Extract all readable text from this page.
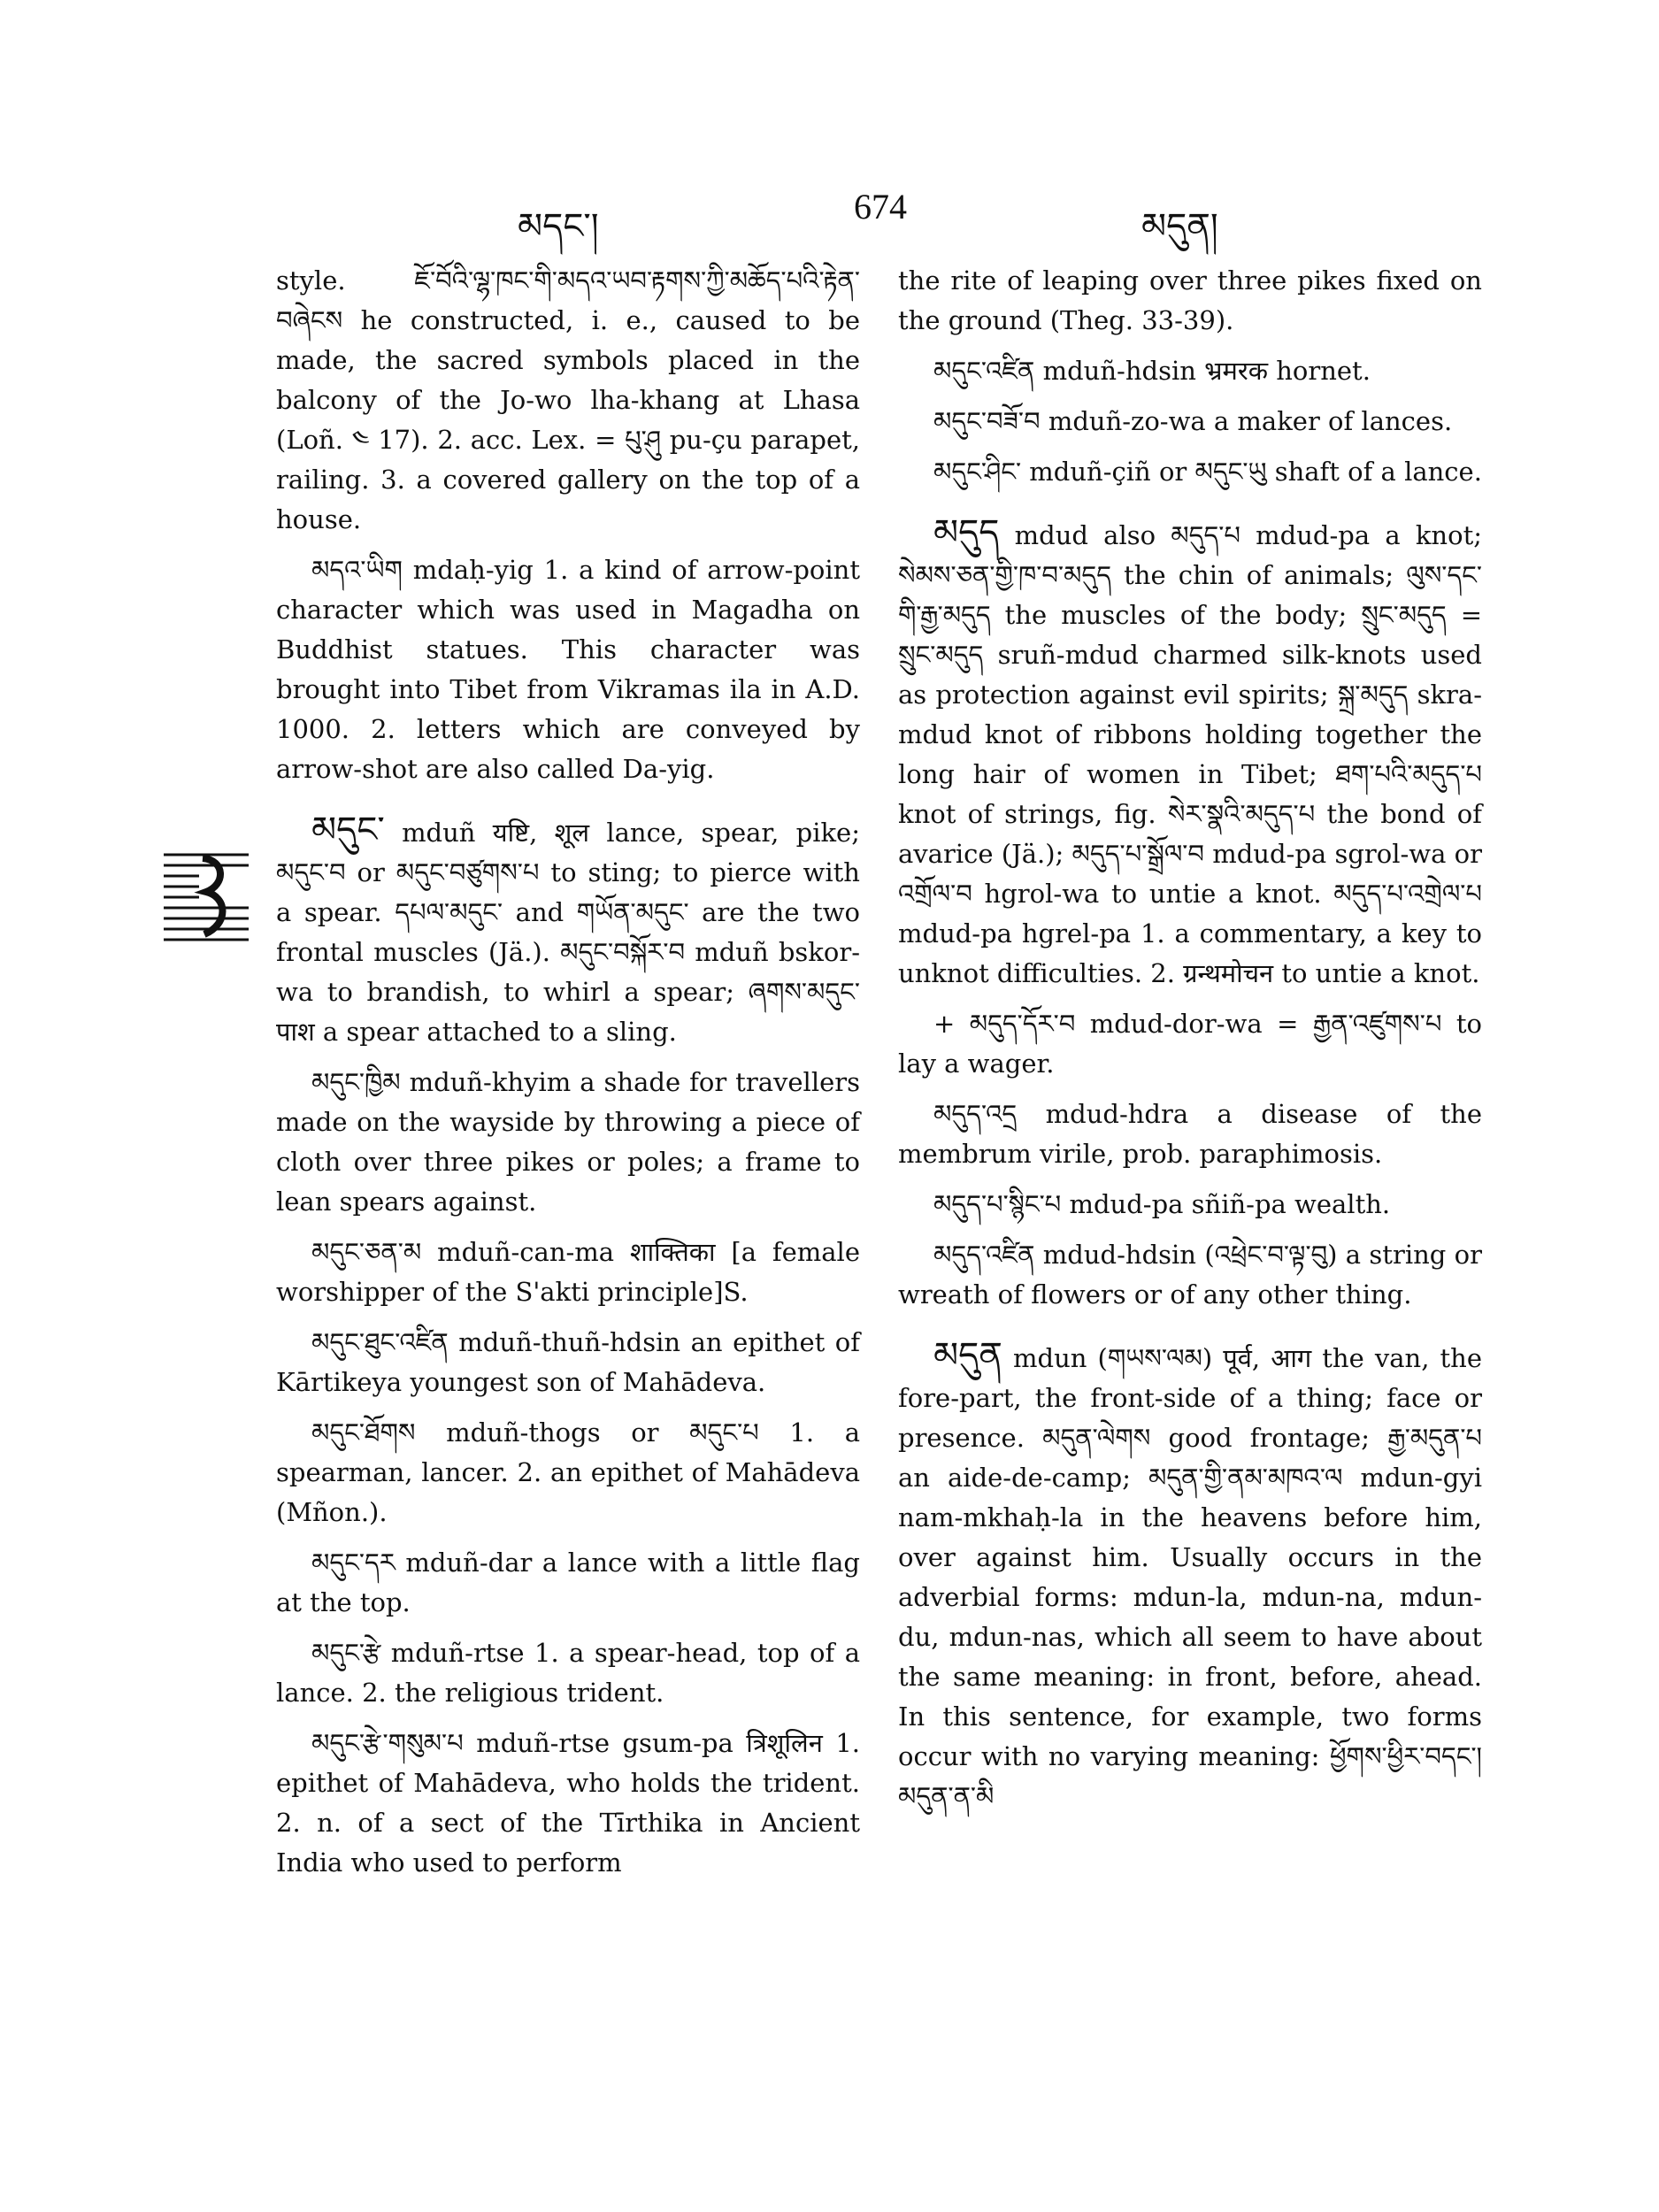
མདང་།	674	མདུན།

style. ཇོ་བོའི་ལྷ་ཁང་གི་མདའ་ཡབ་རྟགས་ཀྱི་མཆོད་པའི་རྟེན་བཞེངས he constructed, i. e., caused to be made, the sacred symbols placed in the balcony of the Jo-wo lha-khang at Lhasa (Loñ. ༤ 17). 2. acc. Lex. = པུ་ཤུ pu-çu parapet, railing. 3. a covered gallery on the top of a house.

མདའ་ཡིག mdaḥ-yig 1. a kind of arrow-point character which was used in Magadha on Buddhist statues. This character was brought into Tibet from Vikramas ila in A.D. 1000. 2. letters which are conveyed by arrow-shot are also called Da-yig.

མདུང་ mduñ यष्टि, शूल lance, spear, pike; མདུང་བ or མདུང་བཙུགས་པ to sting; to pierce with a spear. དཔལ་མདུང་ and གཡོན་མདུང་ are the two frontal muscles (Jä.). མདུང་བསྐོར་བ mduñ bskor-wa to brandish, to whirl a spear; ཞགས་མདུང་ पाश a spear attached to a sling.

མདུང་ཁྱིམ mduñ-khyim a shade for travellers made on the wayside by throwing a piece of cloth over three pikes or poles; a frame to lean spears against.

མདུང་ཅན་མ mduñ-can-ma शाक्तिका [a female worshipper of the S'akti principle]S.

མདུང་ཐུང་འཛིན mduñ-thuñ-hdsin an epithet of Kārtikeya youngest son of Mahādeva.

མདུང་ཐོགས mduñ-thogs or མདུང་པ 1. a spearman, lancer. 2. an epithet of Mahādeva (Mñon.).

མདུང་དར mduñ-dar a lance with a little flag at the top.

མདུང་རྩེ mduñ-rtse 1. a spear-head, top of a lance. 2. the religious trident.

མདུང་རྩེ་གསུམ་པ mduñ-rtse gsum-pa त्रिशूलिन 1. epithet of Mahādeva, who holds the trident. 2. n. of a sect of the Tīrthika in Ancient India who used to perform

the rite of leaping over three pikes fixed on the ground (Theg. 33-39).

མདུང་འཛིན mduñ-hdsin भ्रमरक hornet.

མདུང་བཟོ་བ mduñ-zo-wa a maker of lances.

མདུང་ཤིང་ mduñ-çiñ or མདུང་ཡུ shaft of a lance.

མདུད mdud also མདུད་པ mdud-pa a knot; སེམས་ཅན་གྱི་ཁ་བ་མདུད the chin of animals; ལུས་དང་གི་རྒྱ་མདུད the muscles of the body; སྲུང་མདུད = སྲུང་མདུད sruñ-mdud charmed silk-knots used as protection against evil spirits; སྐྲ་མདུད skra-mdud knot of ribbons holding together the long hair of women in Tibet; ཐག་པའི་མདུད་པ knot of strings, fig. སེར་སྣའི་མདུད་པ the bond of avarice (Jä.); མདུད་པ་སྒྲོལ་བ mdud-pa sgrol-wa or འགྲོལ་བ hgrol-wa to untie a knot. མདུད་པ་འགྲེལ་པ mdud-pa hgrel-pa 1. a commentary, a key to unknot difficulties. 2. ग्रन्थमोचन to untie a knot.

+ མདུད་དོར་བ mdud-dor-wa = རྒྱན་འཛུགས་པ to lay a wager.

མདུད་འདྲ mdud-hdra a disease of the membrum virile, prob. paraphimosis.

མདུད་པ་སྙིང་པ mdud-pa sñiñ-pa wealth.

མདུད་འཛིན mdud-hdsin (འཕྲེང་བ་ལྟ་བུ) a string or wreath of flowers or of any other thing.

མདུན mdun (གཡས་ལམ) पूर्व, आग the van, the fore-part, the front-side of a thing; face or presence. མདུན་ལེགས good frontage; རྒྱ་མདུན་པ an aide-de-camp; མདུན་གྱི་ནམ་མཁའ་ལ mdun-gyi nam-mkhaḥ-la in the heavens before him, over against him. Usually occurs in the adverbial forms: mdun-la, mdun-na, mdun-du, mdun-nas, which all seem to have about the same meaning: in front, before, ahead. In this sentence, for example, two forms occur with no varying meaning: ཕྱོགས་ཕྱིར་བདང་། མདུན་ན་མི
